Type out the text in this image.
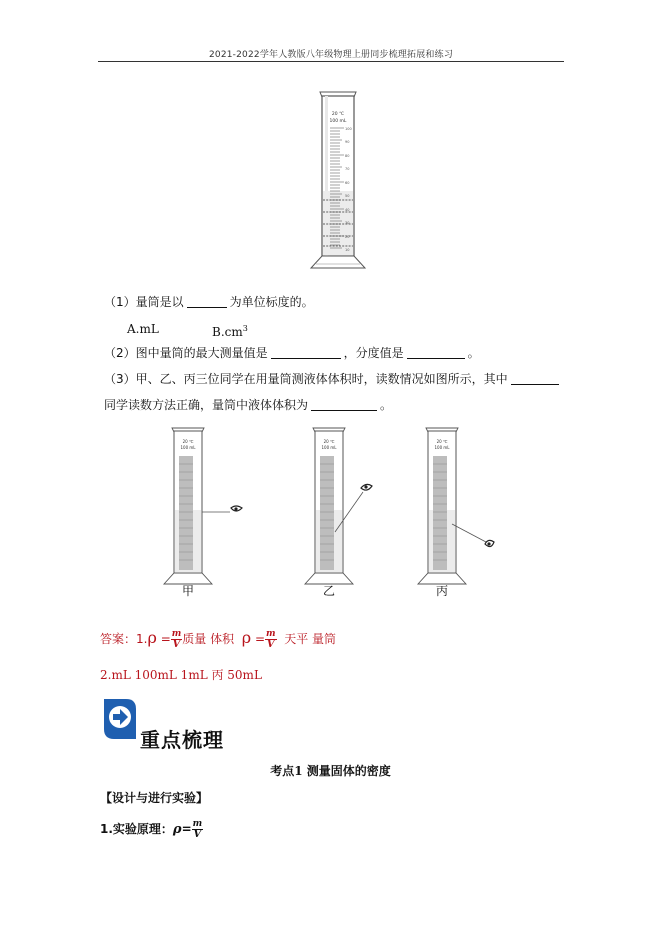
2021-2022学年人教版八年级物理上册同步梳理拓展和练习
20 ℃
100 mL
100
90
80
70
60
50
40
30
20
10
（1）量筒是以	为单位标度的。
A.mL	$B.cm^3$
（2）图中量筒的最大测量值是	，分度值是	。
（3）甲、乙、丙三位同学在用量筒测液体体积时，读数情况如图所示，其中
同学读数方法正确，量筒中液体体积为	。
20 ℃
100 mL
20 ℃
100 mL
20 ℃
100 mL
甲	乙	丙
答案：$1.\rho = \frac{m}{V}$ 质量 体积 $\rho = \frac{m}{V}$ 天平 量筒
2.mL 100mL 1mL 丙 50mL
重点梳理
考点1 测量固体的密度
【设计与进行实验】
1.实验原理：$\rho= \frac{m}{V}$
